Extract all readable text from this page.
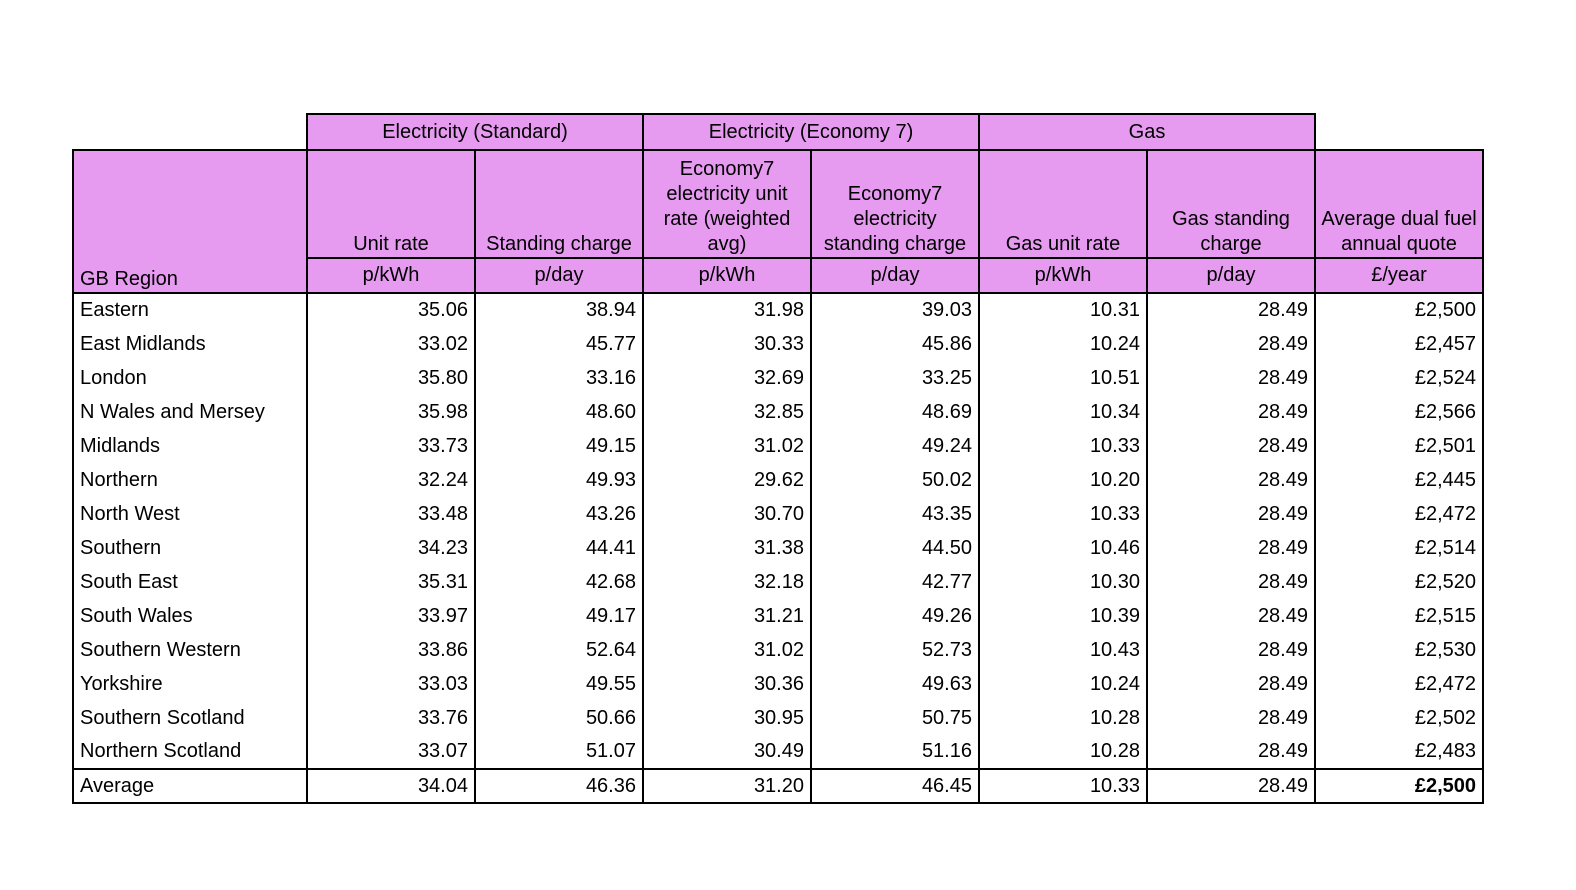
	Electricity (Standard)		Electricity (Economy 7)		Gas		
GB Region	Unit rate	Standing charge	Economy7 electricity unit rate (weighted avg)	Economy7 electricity standing charge	Gas unit rate	Gas standing charge	Average dual fuel annual quote
	p/kWh	p/day	p/kWh	p/day	p/kWh	p/day	£/year
Eastern	35.06	38.94	31.98	39.03	10.31	28.49	£2,500
East Midlands	33.02	45.77	30.33	45.86	10.24	28.49	£2,457
London	35.80	33.16	32.69	33.25	10.51	28.49	£2,524
N Wales and Mersey	35.98	48.60	32.85	48.69	10.34	28.49	£2,566
Midlands	33.73	49.15	31.02	49.24	10.33	28.49	£2,501
Northern	32.24	49.93	29.62	50.02	10.20	28.49	£2,445
North West	33.48	43.26	30.70	43.35	10.33	28.49	£2,472
Southern	34.23	44.41	31.38	44.50	10.46	28.49	£2,514
South East	35.31	42.68	32.18	42.77	10.30	28.49	£2,520
South Wales	33.97	49.17	31.21	49.26	10.39	28.49	£2,515
Southern Western	33.86	52.64	31.02	52.73	10.43	28.49	£2,530
Yorkshire	33.03	49.55	30.36	49.63	10.24	28.49	£2,472
Southern Scotland	33.76	50.66	30.95	50.75	10.28	28.49	£2,502
Northern Scotland	33.07	51.07	30.49	51.16	10.28	28.49	£2,483
Average	34.04	46.36	31.20	46.45	10.33	28.49	£2,500
